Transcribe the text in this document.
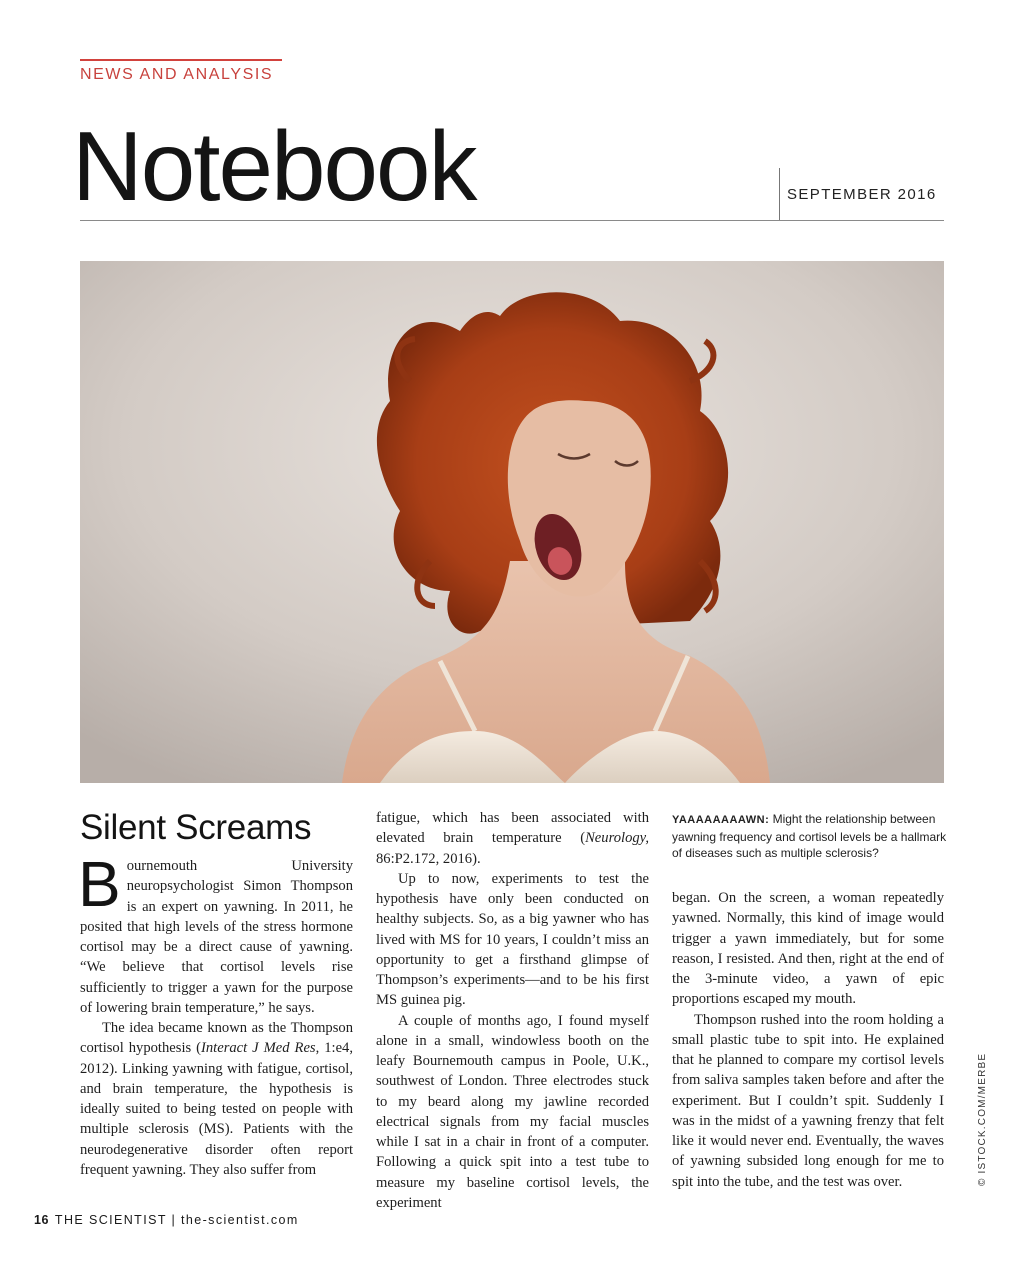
NEWS AND ANALYSIS
Notebook	SEPTEMBER 2016
Silent Screams

Bournemouth University neuropsychologist Simon Thompson is an expert on yawning. In 2011, he posited that high levels of the stress hormone cortisol may be a direct cause of yawning. “We believe that cortisol levels rise sufficiently to trigger a yawn for the purpose of lowering brain temperature,” he says.

The idea became known as the Thompson cortisol hypothesis (Interact J Med Res, 1:e4, 2012). Linking yawning with fatigue, cortisol, and brain temperature, the hypothesis is ideally suited to being tested on people with multiple sclerosis (MS). Patients with the neurodegenerative disorder often report frequent yawning. They also suffer from

fatigue, which has been associated with elevated brain temperature (Neurology, 86:P2.172, 2016).

Up to now, experiments to test the hypothesis have only been conducted on healthy subjects. So, as a big yawner who has lived with MS for 10 years, I couldn’t miss an opportunity to get a firsthand glimpse of Thompson’s experiments—and to be his first MS guinea pig.

A couple of months ago, I found myself alone in a small, windowless booth on the leafy Bournemouth campus in Poole, U.K., southwest of London. Three electrodes stuck to my beard along my jawline recorded electrical signals from my facial muscles while I sat in a chair in front of a computer. Following a quick spit into a test tube to measure my baseline cortisol levels, the experiment

YAAAAAAAAWN: Might the relationship between yawning frequency and cortisol levels be a hallmark of diseases such as multiple sclerosis?

began. On the screen, a woman repeatedly yawned. Normally, this kind of image would trigger a yawn immediately, but for some reason, I resisted. And then, right at the end of the 3-minute video, a yawn of epic proportions escaped my mouth.

Thompson rushed into the room holding a small plastic tube to spit into. He explained that he planned to compare my cortisol levels from saliva samples taken before and after the experiment. But I couldn’t spit. Suddenly I was in the midst of a yawning frenzy that felt like it would never end. Eventually, the waves of yawning subsided long enough for me to spit into the tube, and the test was over.	© ISTOCK.COM/MERBE
16 THE SCIENTIST | the-scientist.com
